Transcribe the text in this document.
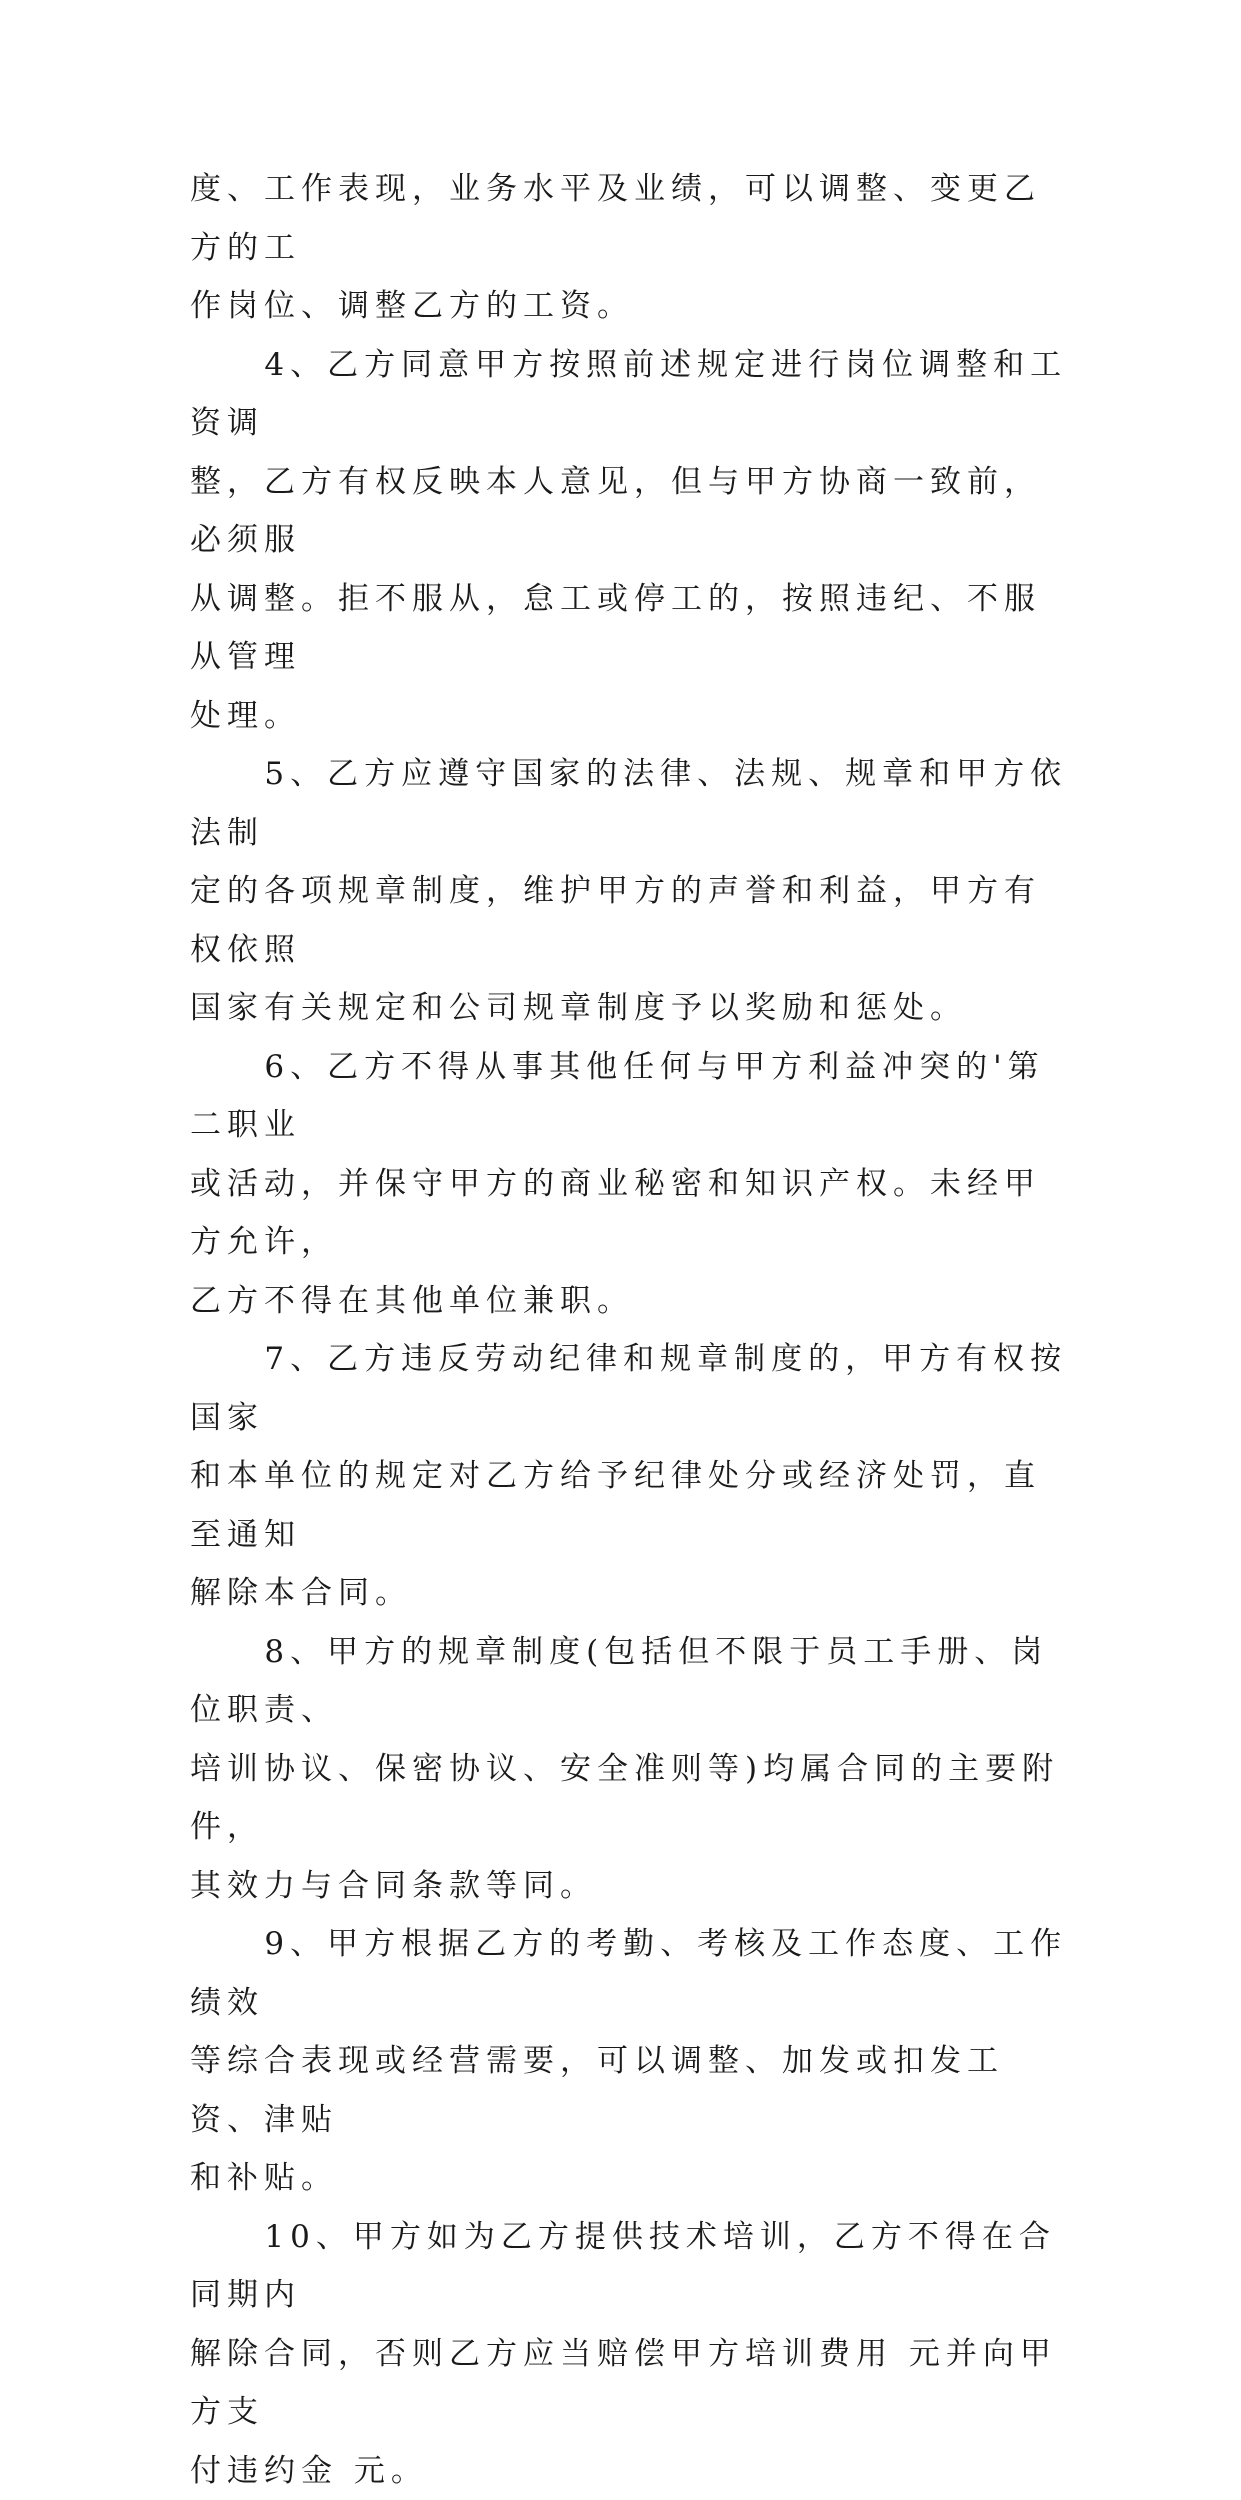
度、工作表现，业务水平及业绩，可以调整、变更乙方的工
作岗位、调整乙方的工资。
4、乙方同意甲方按照前述规定进行岗位调整和工资调
整，乙方有权反映本人意见，但与甲方协商一致前，必须服
从调整。拒不服从，怠工或停工的，按照违纪、不服从管理
处理。
5、乙方应遵守国家的法律、法规、规章和甲方依法制
定的各项规章制度，维护甲方的声誉和利益，甲方有权依照
国家有关规定和公司规章制度予以奖励和惩处。
6、乙方不得从事其他任何与甲方利益冲突的'第二职业
或活动，并保守甲方的商业秘密和知识产权。未经甲方允许，
乙方不得在其他单位兼职。
7、乙方违反劳动纪律和规章制度的，甲方有权按国家
和本单位的规定对乙方给予纪律处分或经济处罚，直至通知
解除本合同。
8、甲方的规章制度(包括但不限于员工手册、岗位职责、
培训协议、保密协议、安全准则等)均属合同的主要附件，
其效力与合同条款等同。
9、甲方根据乙方的考勤、考核及工作态度、工作绩效
等综合表现或经营需要，可以调整、加发或扣发工资、津贴
和补贴。
10、甲方如为乙方提供技术培训，乙方不得在合同期内
解除合同，否则乙方应当赔偿甲方培训费用 元并向甲方支
付违约金 元。
